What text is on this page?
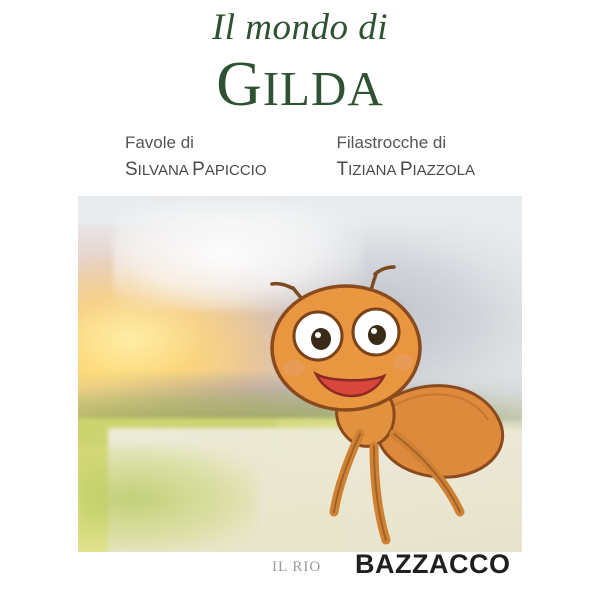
Il mondo di
GILDA
Favole di
SILVANA PAPICCIO
Filastrocche di
TIZIANA PIAZZOLA
IL RIO BAZZACCO
